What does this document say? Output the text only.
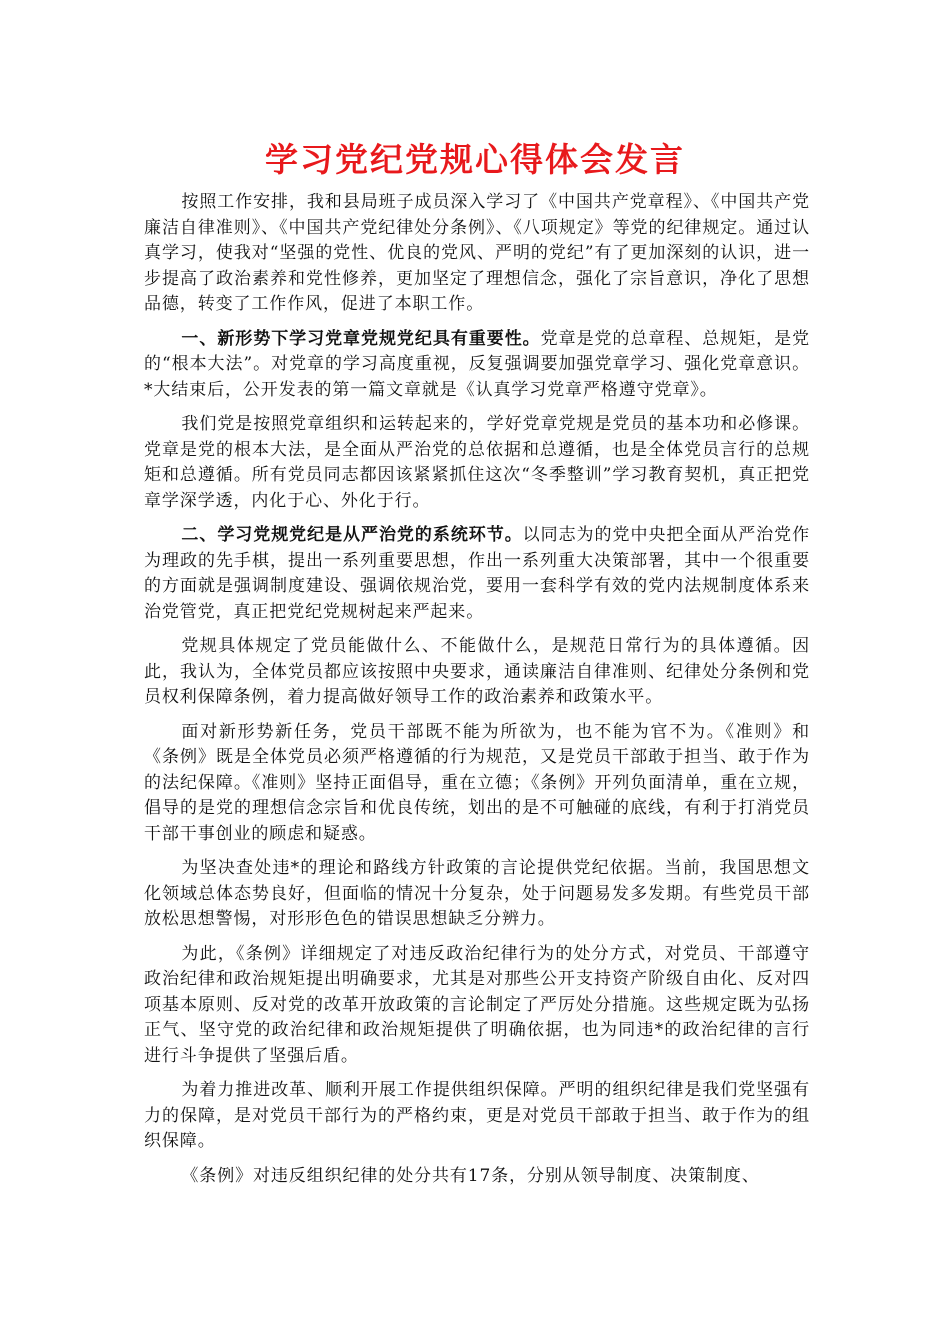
学习党纪党规心得体会发言

按照工作安排，我和县局班子成员深入学习了《中国共产党章程》、《中国共产党廉洁自律准则》、《中国共产党纪律处分条例》、《八项规定》等党的纪律规定。通过认真学习，使我对“坚强的党性、优良的党风、严明的党纪”有了更加深刻的认识，进一步提高了政治素养和党性修养，更加坚定了理想信念，强化了宗旨意识，净化了思想品德，转变了工作作风，促进了本职工作。

一、新形势下学习党章党规党纪具有重要性。党章是党的总章程、总规矩，是党的“根本大法”。对党章的学习高度重视，反复强调要加强党章学习、强化党章意识。*大结束后，公开发表的第一篇文章就是《认真学习党章严格遵守党章》。

我们党是按照党章组织和运转起来的，学好党章党规是党员的基本功和必修课。党章是党的根本大法，是全面从严治党的总依据和总遵循，也是全体党员言行的总规矩和总遵循。所有党员同志都因该紧紧抓住这次“冬季整训”学习教育契机，真正把党章学深学透，内化于心、外化于行。

二、学习党规党纪是从严治党的系统环节。以同志为的党中央把全面从严治党作为理政的先手棋，提出一系列重要思想，作出一系列重大决策部署，其中一个很重要的方面就是强调制度建设、强调依规治党，要用一套科学有效的党内法规制度体系来治党管党，真正把党纪党规树起来严起来。

党规具体规定了党员能做什么、不能做什么，是规范日常行为的具体遵循。因此，我认为，全体党员都应该按照中央要求，通读廉洁自律准则、纪律处分条例和党员权利保障条例，着力提高做好领导工作的政治素养和政策水平。

面对新形势新任务，党员干部既不能为所欲为，也不能为官不为。《准则》和《条例》既是全体党员必须严格遵循的行为规范，又是党员干部敢于担当、敢于作为的法纪保障。《准则》坚持正面倡导，重在立德；《条例》开列负面清单，重在立规，倡导的是党的理想信念宗旨和优良传统，划出的是不可触碰的底线，有利于打消党员干部干事创业的顾虑和疑惑。

为坚决查处违*的理论和路线方针政策的言论提供党纪依据。当前，我国思想文化领域总体态势良好，但面临的情况十分复杂，处于问题易发多发期。有些党员干部放松思想警惕，对形形色色的错误思想缺乏分辨力。

为此，《条例》详细规定了对违反政治纪律行为的处分方式，对党员、干部遵守政治纪律和政治规矩提出明确要求，尤其是对那些公开支持资产阶级自由化、反对四项基本原则、反对党的改革开放政策的言论制定了严厉处分措施。这些规定既为弘扬正气、坚守党的政治纪律和政治规矩提供了明确依据，也为同违*的政治纪律的言行进行斗争提供了坚强后盾。

为着力推进改革、顺利开展工作提供组织保障。严明的组织纪律是我们党坚强有力的保障，是对党员干部行为的严格约束，更是对党员干部敢于担当、敢于作为的组织保障。

《条例》对违反组织纪律的处分共有17条，分别从领导制度、决策制度、
